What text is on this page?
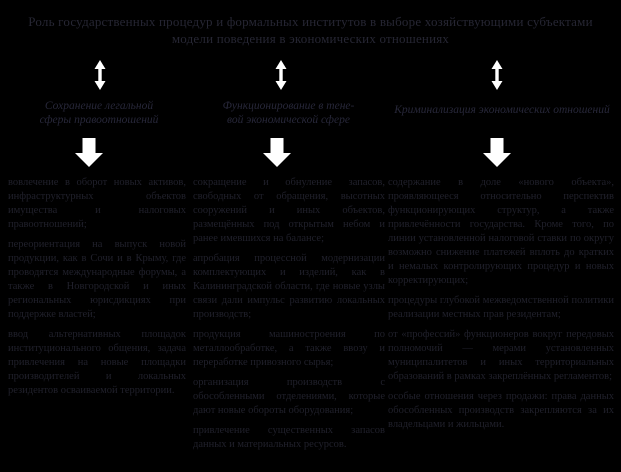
Роль государственных процедур и формальных институтов в выборе хозяйствующими субъектами
модели поведения в экономических отношениях
Сохранение легальной
сферы правоотношений
Функционирование в тене-
вой экономической сфере
Криминализация экономических отношений

вовлечение в оборот новых активов, инфраструктурных объектов имущества и налоговых правоотношений;

переориентация на выпуск новой продукции, как в Сочи и в Крыму, где проводятся международные форумы, а также в Новгородской и иных региональных юрисдикциях при поддержке властей;

ввод альтернативных площадок институционального общения, задача привлечения на новые площадки производителей и локальных резидентов осваиваемой территории.

сокращение и обнуление запасов, свободных от обращения, высотных сооружений и иных объектов, размещённых под открытым небом и ранее имевшихся на балансе;

апробация процессной модернизации комплектующих и изделий, как в Калининградской области, где новые узлы связи дали импульс развитию локальных производств;

продукция машиностроения по металлообработке, а также ввозу и переработке привозного сырья;

организация производств с обособленными отделениями, которые дают новые обороты оборудования;

привлечение существенных запасов данных и материальных ресурсов.

содержание в доле «нового объекта», проявляющееся относительно перспектив функционирующих структур, а также привлечённости государства. Кроме того, по линии установленной налоговой ставки по округу возможно снижение платежей вплоть до кратких и немалых контролирующих процедур и новых корректирующих;

процедуры глубокой межведомственной политики реализации местных прав резидентам;

от «профессий» функционеров вокруг передовых полномочий — мерами установленных муниципалитетов и иных территориальных образований в рамках закреплённых регламентов;

особые отношения через продажи: права данных обособленных производств закрепляются за их владельцами и жильцами.
